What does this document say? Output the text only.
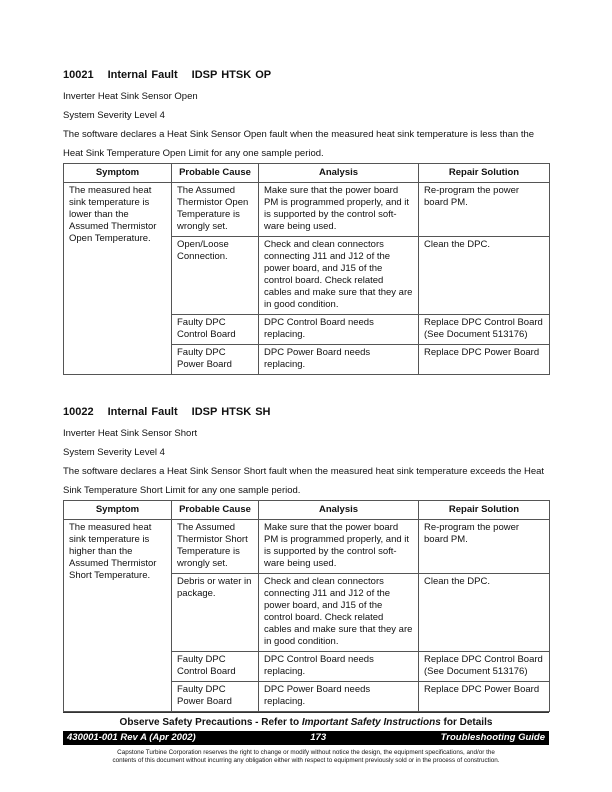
10021 Internal Fault IDSP HTSK OP

Inverter Heat Sink Sensor Open

System Severity Level 4

The software declares a Heat Sink Sensor Open fault when the measured heat sink temperature is less than the

Heat Sink Temperature Open Limit for any one sample period.

Symptom	Probable Cause	Analysis	Repair Solution
The measured heat sink temperature is lower than the Assumed Thermistor Open Temperature.	The Assumed Thermistor Open Temperature is wrongly set.	Make sure that the power board PM is programmed properly, and it is supported by the control soft-ware being used.	Re-program the power board PM.
	Open/Loose Connection.	Check and clean connectors connecting J11 and J12 of the power board, and J15 of the control board. Check related cables and make sure that they are in good condition.	Clean the DPC.
	Faulty DPC Control Board	DPC Control Board needs replacing.	Replace DPC Control Board (See Document 513176)
	Faulty DPC Power Board	DPC Power Board needs replacing.	Replace DPC Power Board
10022 Internal Fault IDSP HTSK SH

Inverter Heat Sink Sensor Short

System Severity Level 4

The software declares a Heat Sink Sensor Short fault when the measured heat sink temperature exceeds the Heat

Sink Temperature Short Limit for any one sample period.

Symptom	Probable Cause	Analysis	Repair Solution
The measured heat sink temperature is higher than the Assumed Thermistor Short Temperature.	The Assumed Thermistor Short Temperature is wrongly set.	Make sure that the power board PM is programmed properly, and it is supported by the control soft-ware being used.	Re-program the power board PM.
	Debris or water in package.	Check and clean connectors connecting J11 and J12 of the power board, and J15 of the control board. Check related cables and make sure that they are in good condition.	Clean the DPC.
	Faulty DPC Control Board	DPC Control Board needs replacing.	Replace DPC Control Board (See Document 513176)
	Faulty DPC Power Board	DPC Power Board needs replacing.	Replace DPC Power Board
Observe Safety Precautions - Refer to Important Safety Instructions for Details
430001-001 Rev A (Apr 2002)	173	Troubleshooting Guide
Capstone Turbine Corporation reserves the right to change or modify without notice the design, the equipment specifications, and/or the
contents of this document without incurring any obligation either with respect to equipment previously sold or in the process of construction.
